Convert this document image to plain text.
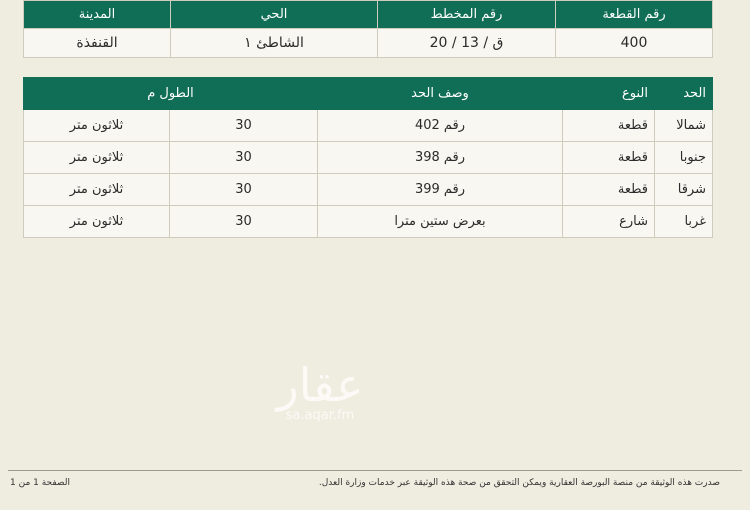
رقم القطعة	رقم المخطط	الحي	المدينة
400	ق / 13 / 20	الشاطئ ١	القنفذة
الحد	النوع	وصف الحد	الطول م	
شمالا	قطعة	رقم 402	30	ثلاثون متر
جنوبا	قطعة	رقم 398	30	ثلاثون متر
شرقا	قطعة	رقم 399	30	ثلاثون متر
غربا	شارع	بعرض ستين مترا	30	ثلاثون متر
عقار
sa.aqar.fm
صدرت هذه الوثيقة من منصة البورصة العقارية ويمكن التحقق من صحة هذه الوثيقة عبر خدمات وزارة العدل.
الصفحة 1 من 1
